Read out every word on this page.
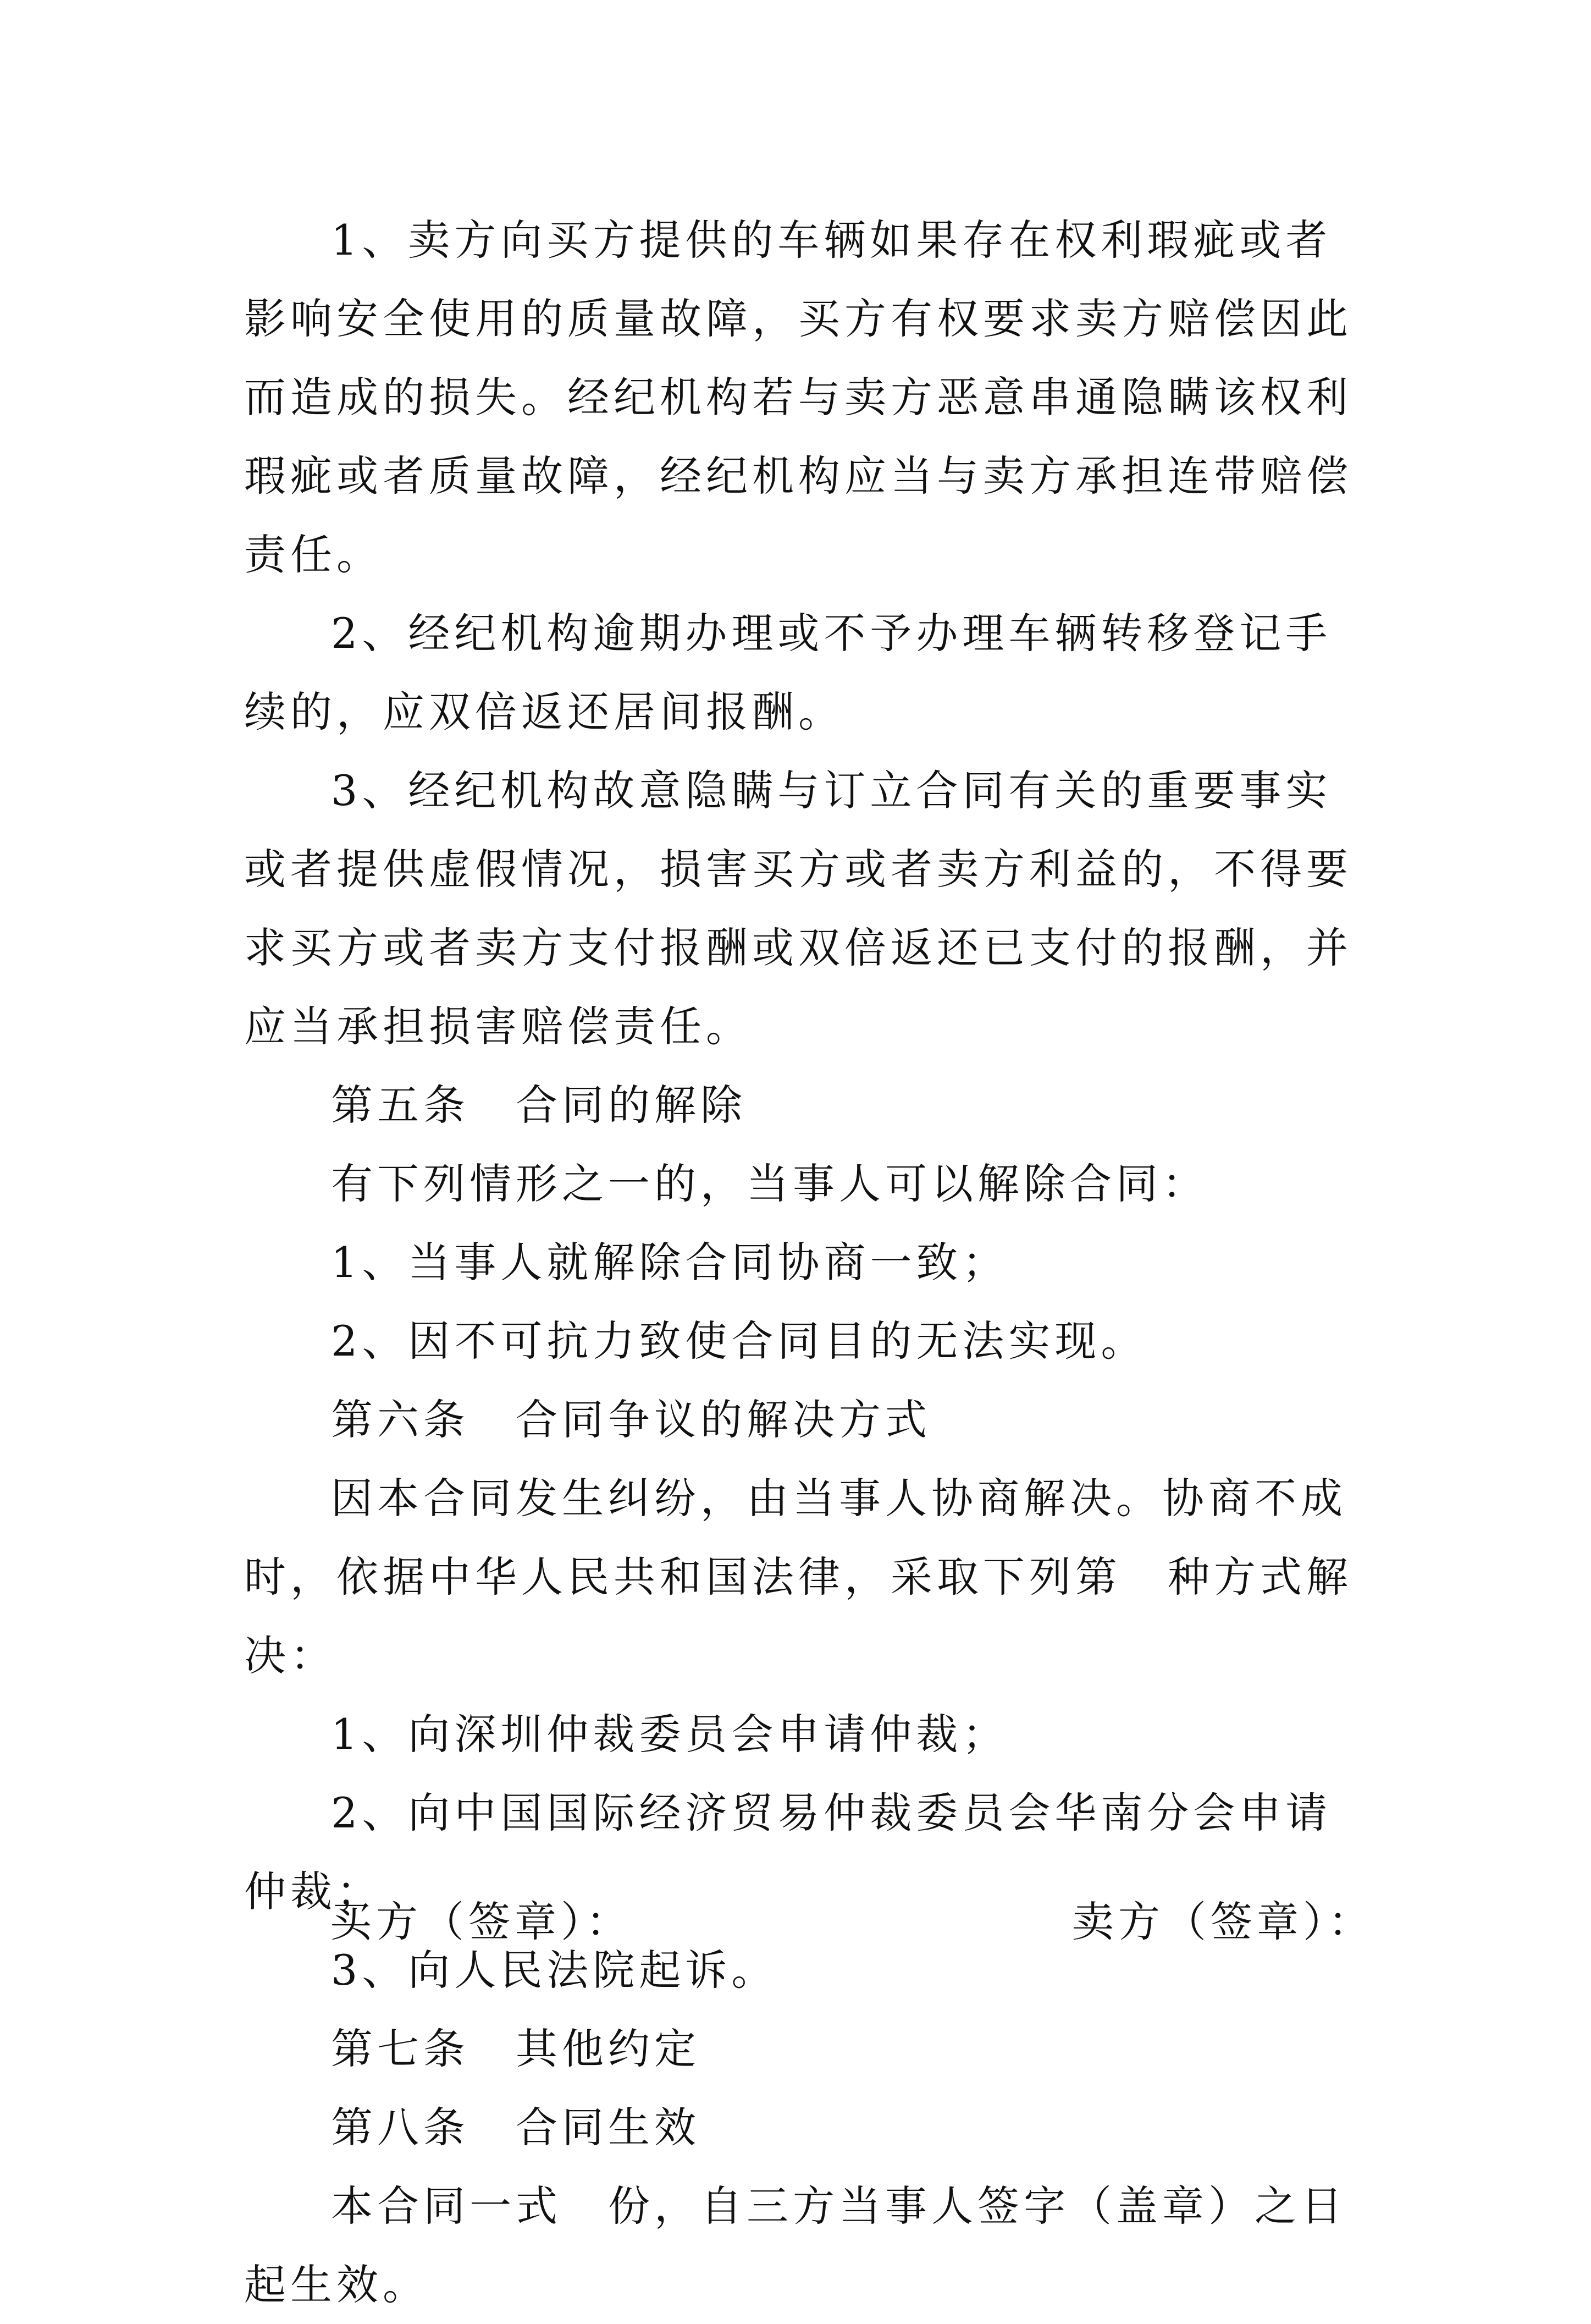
1、卖方向买方提供的车辆如果存在权利瑕疵或者影响安全使用的质量故障，买方有权要求卖方赔偿因此而造成的损失。经纪机构若与卖方恶意串通隐瞒该权利瑕疵或者质量故障，经纪机构应当与卖方承担连带赔偿责任。

2、经纪机构逾期办理或不予办理车辆转移登记手续的，应双倍返还居间报酬。

3、经纪机构故意隐瞒与订立合同有关的重要事实或者提供虚假情况，损害买方或者卖方利益的，不得要求买方或者卖方支付报酬或双倍返还已支付的报酬，并应当承担损害赔偿责任。

第五条　合同的解除

有下列情形之一的，当事人可以解除合同：

1、当事人就解除合同协商一致；

2、因不可抗力致使合同目的无法实现。

第六条　合同争议的解决方式

因本合同发生纠纷，由当事人协商解决。协商不成时，依据中华人民共和国法律，采取下列第　种方式解决：

1、向深圳仲裁委员会申请仲裁；

2、向中国国际经济贸易仲裁委员会华南分会申请仲裁；

3、向人民法院起诉。

第七条　其他约定

第八条　合同生效

本合同一式　份，自三方当事人签字（盖章）之日起生效。

买方（签章）：	卖方（签章）：
